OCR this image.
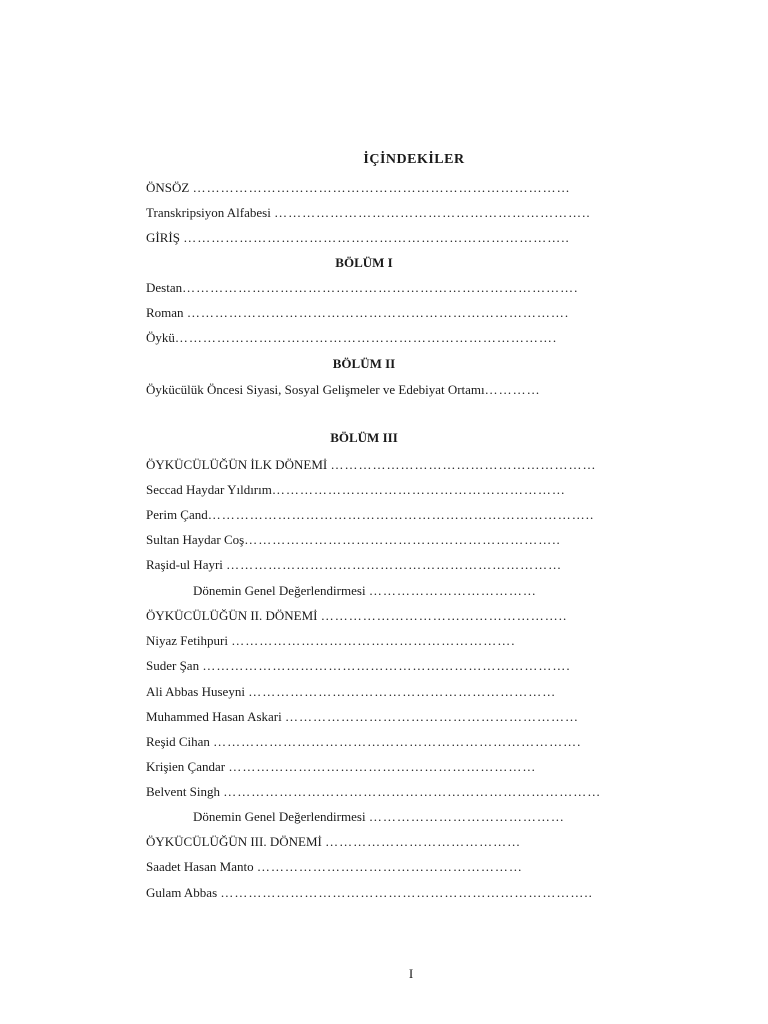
İÇİNDEKİLER
ÖNSÖZ ………………………………………………………………………
Transkripsiyon Alfabesi …………………………………………………………..
GİRİŞ ………………………………………………………………………..
BÖLÜM I
Destan………………………………………………………………………….
Roman ……………………………………………………………………….
Öykü……………………………………………………………………….
BÖLÜM II
Öykücülük Öncesi Siyasi, Sosyal Gelişmeler ve Edebiyat Ortamı…………
BÖLÜM III
ÖYKÜCÜLÜĞÜN İLK DÖNEMİ …………………………………………………
Seccad Haydar Yıldırım………………………………………………………
Perim Çand………………………………………………………………………..
Sultan Haydar Coş…………………………………………………………..
Raşid-ul Hayri ………………………………………………………………
Dönemin Genel Değerlendirmesi ………………………………
ÖYKÜCÜLÜĞÜN II. DÖNEMİ ……………………………………………..
Niyaz Fetihpuri …………………………………………………….
Suder Şan …………………………………………………………………….
Ali Abbas Huseyni …………………………………………………………
Muhammed Hasan Askari ………………………………………………………
Reşid Cihan …………………………………………………………………….
Krişien Çandar …………………………………………………………
Belvent Singh ………………………………………………………………………
Dönemin Genel Değerlendirmesi ……………………………………
ÖYKÜCÜLÜĞÜN III. DÖNEMİ ……………………………………
Saadet Hasan Manto …………………………………………………
Gulam Abbas ……………………………………………………………………..
I
